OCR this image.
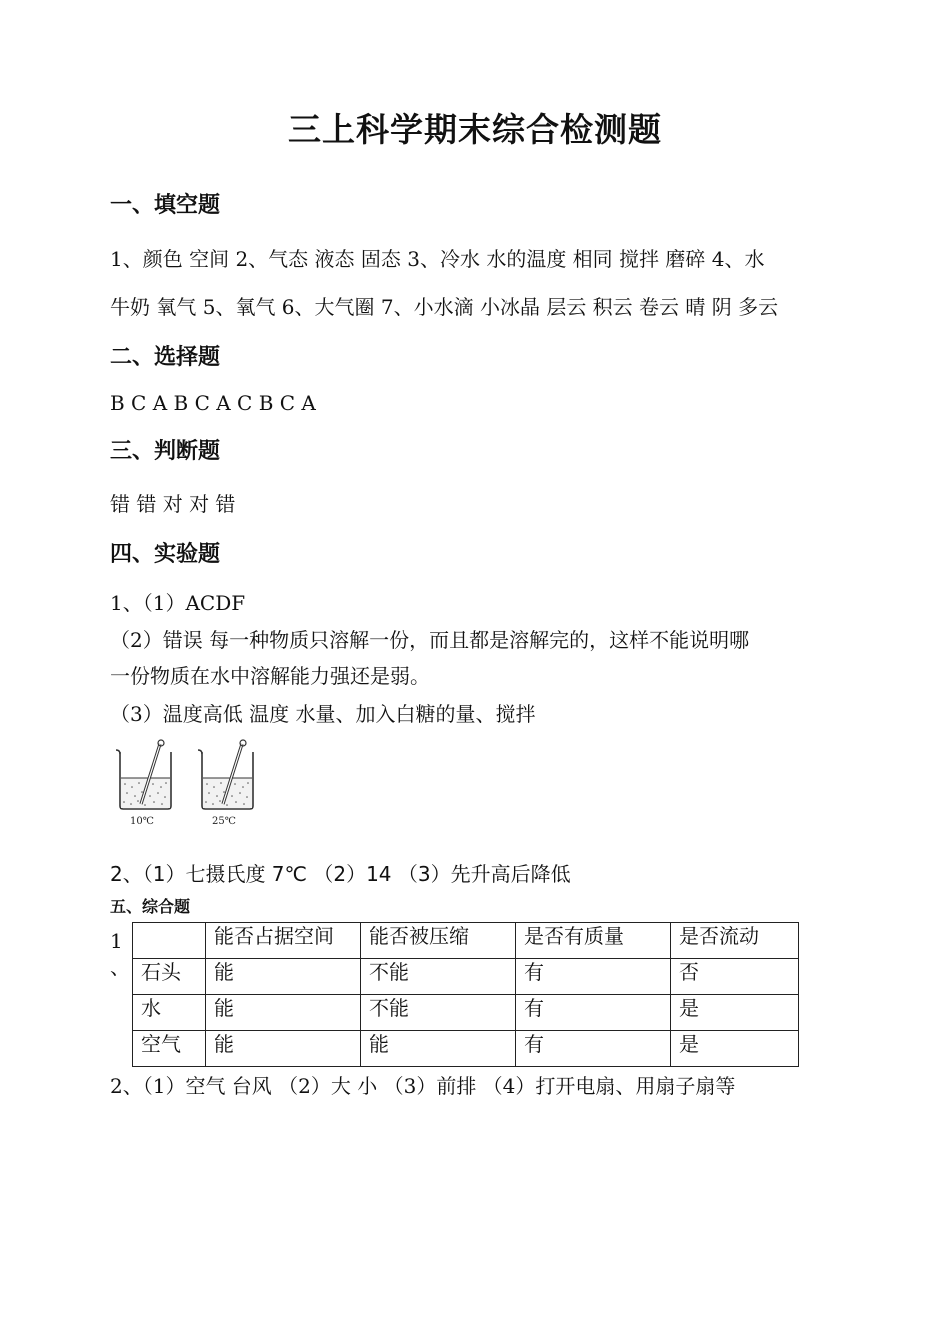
三上科学期末综合检测题
一、填空题
1、颜色 空间 2、气态 液态 固态 3、冷水 水的温度 相同 搅拌 磨碎 4、水
牛奶 氧气 5、氧气 6、大气圈 7、小水滴 小冰晶 层云 积云 卷云 晴 阴 多云
二、选择题
B C A B C A C B C A
三、判断题
错 错 对 对 错
四、实验题
1、（1）ACDF
（2）错误 每一种物质只溶解一份，而且都是溶解完的，这样不能说明哪
一份物质在水中溶解能力强还是弱。
（3）温度高低 温度 水量、加入白糖的量、搅拌
10℃	25℃
2、（1）七摄氏度 7℃ （2）14 （3）先升高后降低
五、综合题
1
、
	能否占据空间	能否被压缩	是否有质量	是否流动
石头	能	不能	有	否
水	能	不能	有	是
空气	能	能	有	是
2、（1）空气 台风 （2）大 小 （3）前排 （4）打开电扇、用扇子扇等
